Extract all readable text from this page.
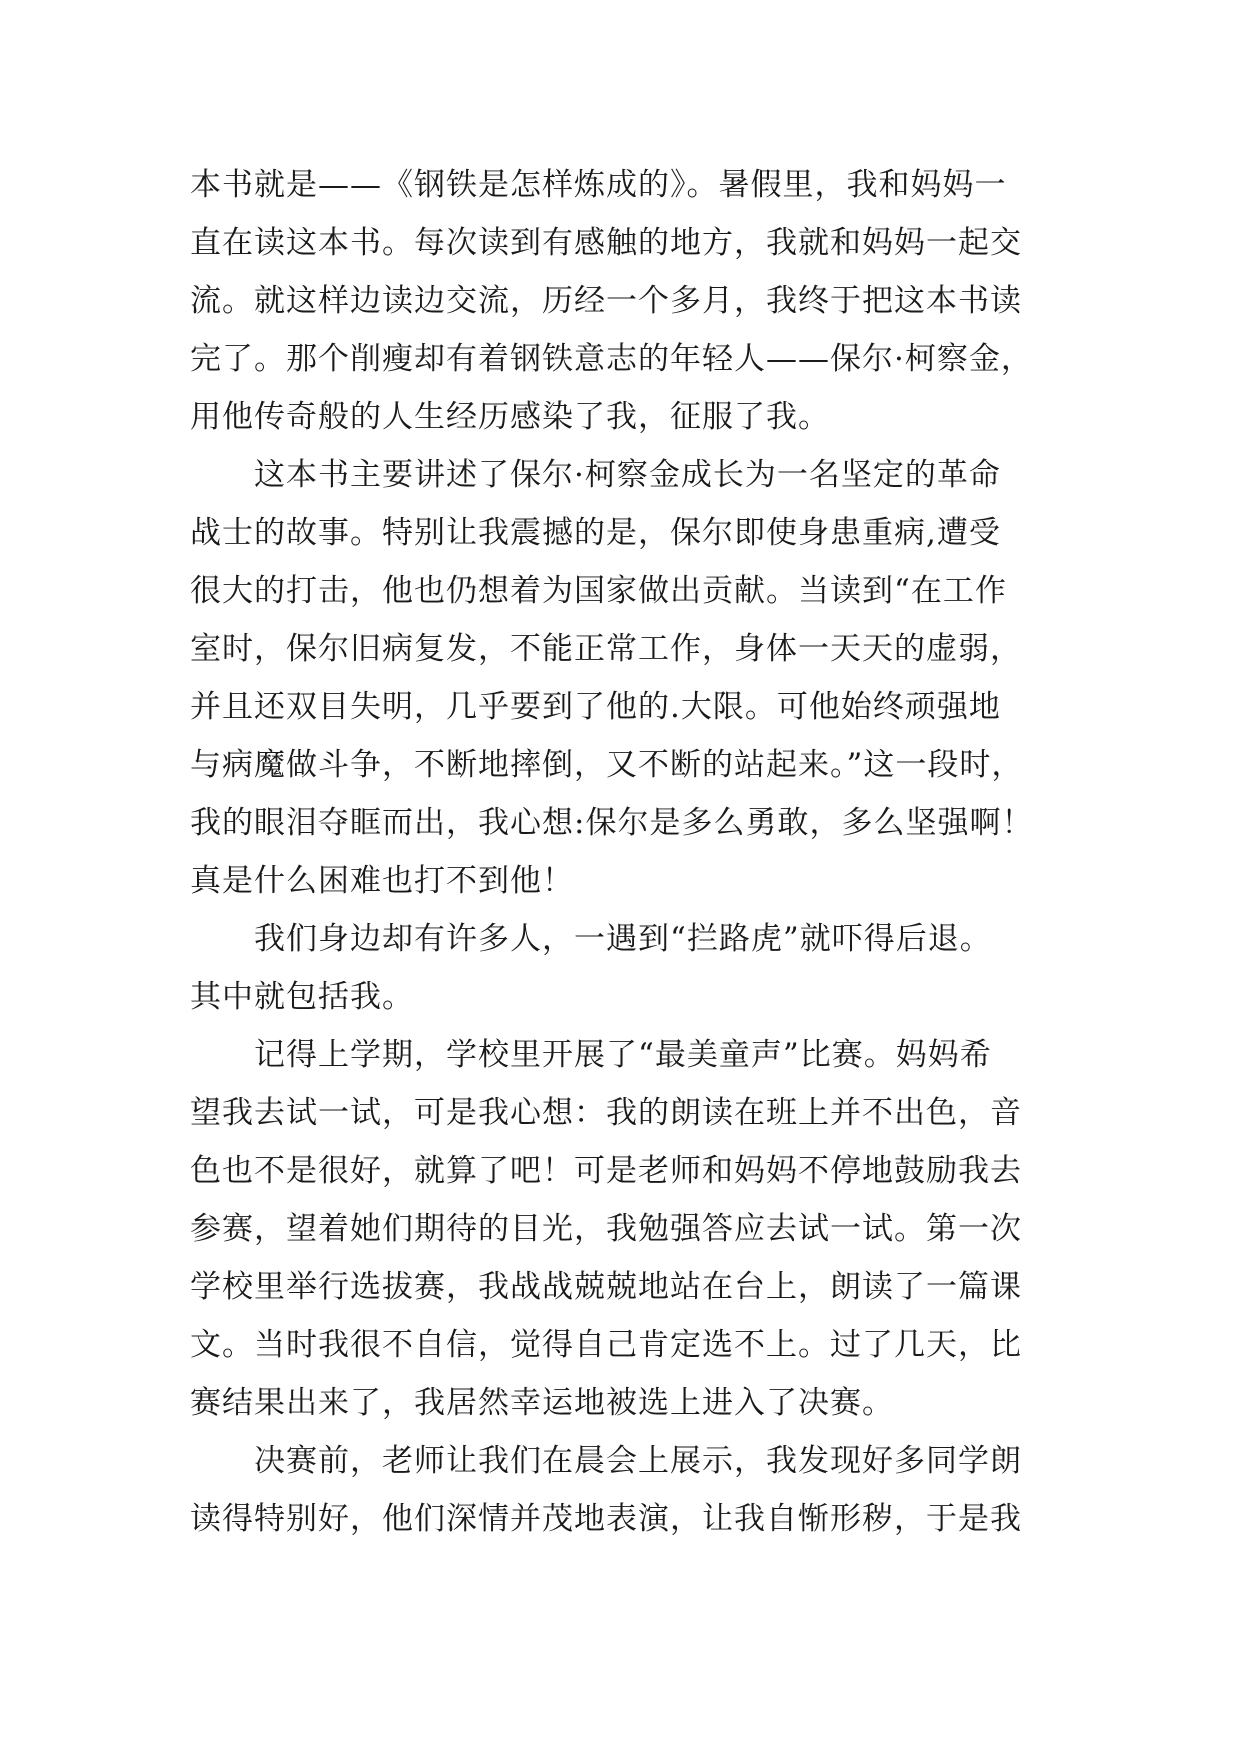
本书就是——《钢铁是怎样炼成的》。暑假里，我和妈妈一
直在读这本书。每次读到有感触的地方，我就和妈妈一起交
流。就这样边读边交流，历经一个多月，我终于把这本书读
完了。那个削瘦却有着钢铁意志的年轻人——保尔·柯察金，
用他传奇般的人生经历感染了我，征服了我。
这本书主要讲述了保尔·柯察金成长为一名坚定的革命
战士的故事。特别让我震撼的是，保尔即使身患重病,遭受
很大的打击，他也仍想着为国家做出贡献。当读到“在工作
室时，保尔旧病复发，不能正常工作，身体一天天的虚弱，
并且还双目失明，几乎要到了他的.大限。可他始终顽强地
与病魔做斗争，不断地摔倒，又不断的站起来。”这一段时，
我的眼泪夺眶而出，我心想:保尔是多么勇敢，多么坚强啊！
真是什么困难也打不到他！
我们身边却有许多人，一遇到“拦路虎”就吓得后退。
其中就包括我。
记得上学期，学校里开展了“最美童声”比赛。妈妈希
望我去试一试，可是我心想：我的朗读在班上并不出色，音
色也不是很好，就算了吧！可是老师和妈妈不停地鼓励我去
参赛，望着她们期待的目光，我勉强答应去试一试。第一次
学校里举行选拔赛，我战战兢兢地站在台上，朗读了一篇课
文。当时我很不自信，觉得自己肯定选不上。过了几天，比
赛结果出来了，我居然幸运地被选上进入了决赛。
决赛前，老师让我们在晨会上展示，我发现好多同学朗
读得特别好，他们深情并茂地表演，让我自惭形秽，于是我
